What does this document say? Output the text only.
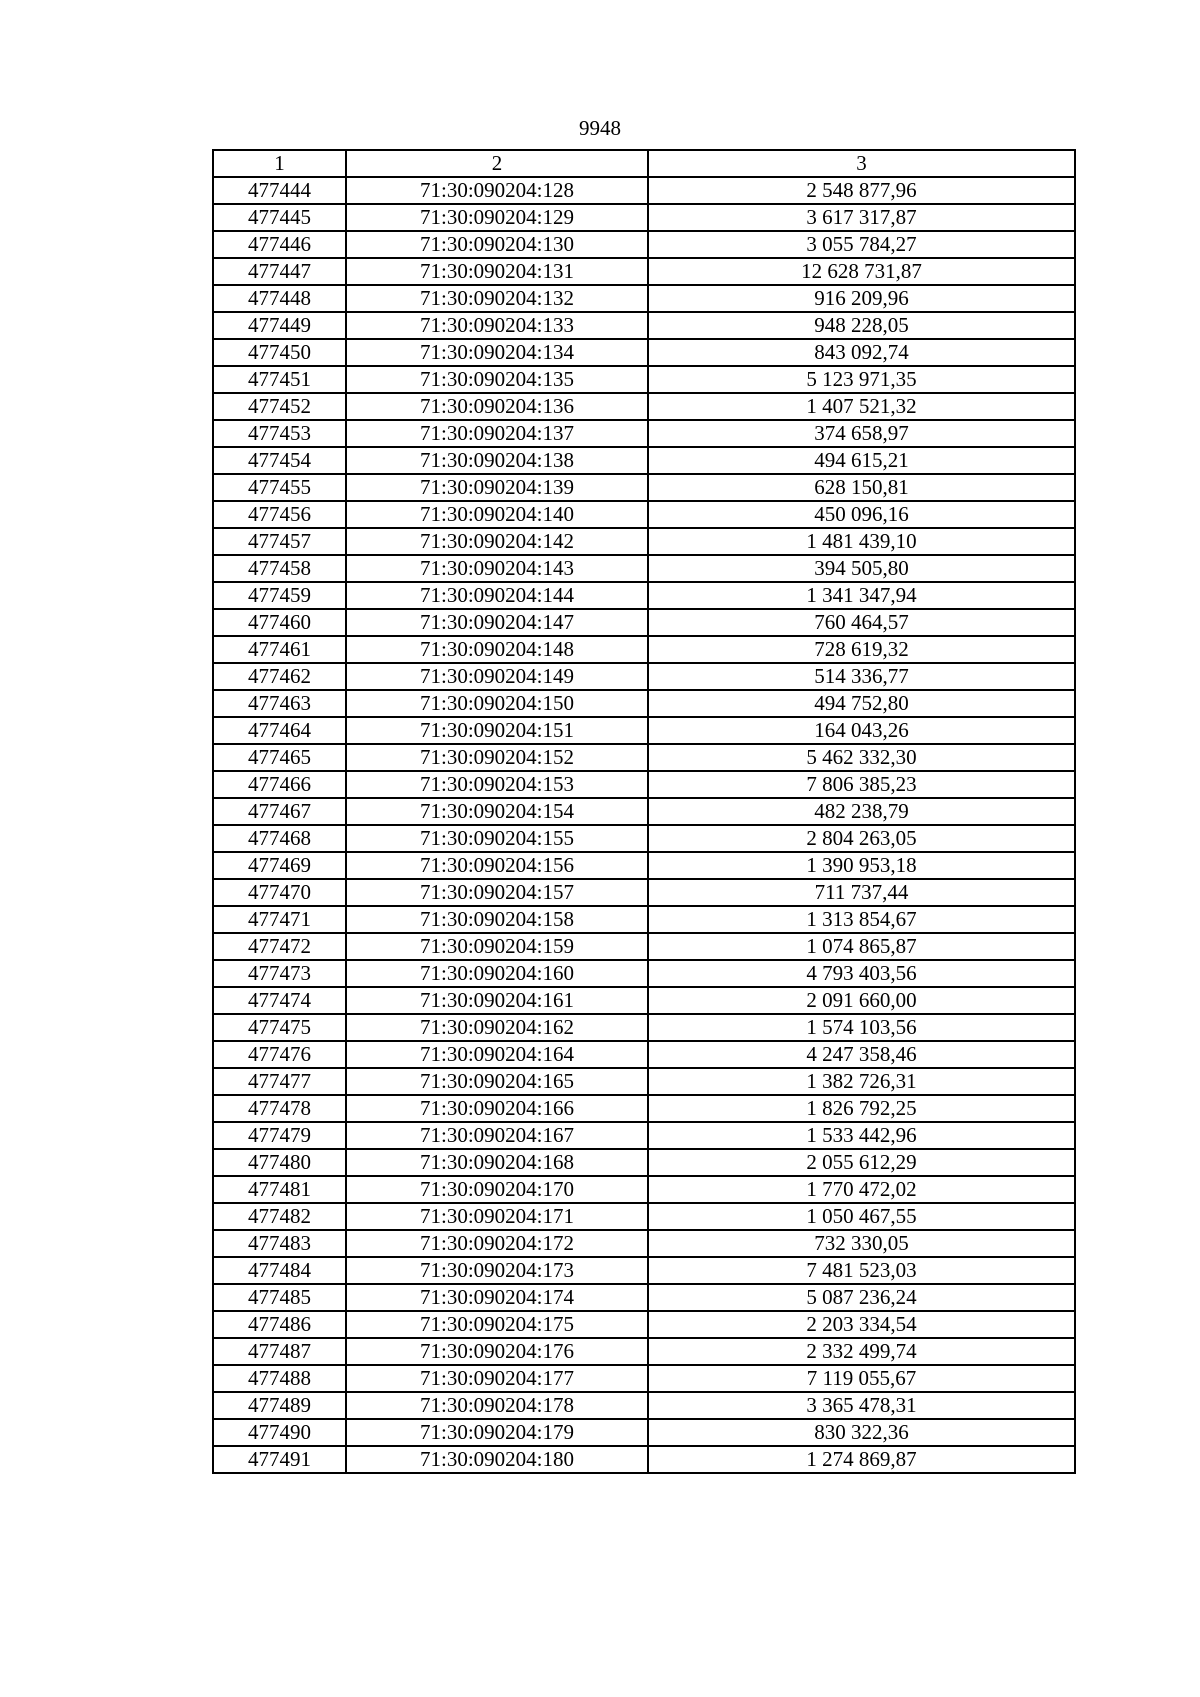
9948
1	2	3
477444	71:30:090204:128	2 548 877,96
477445	71:30:090204:129	3 617 317,87
477446	71:30:090204:130	3 055 784,27
477447	71:30:090204:131	12 628 731,87
477448	71:30:090204:132	916 209,96
477449	71:30:090204:133	948 228,05
477450	71:30:090204:134	843 092,74
477451	71:30:090204:135	5 123 971,35
477452	71:30:090204:136	1 407 521,32
477453	71:30:090204:137	374 658,97
477454	71:30:090204:138	494 615,21
477455	71:30:090204:139	628 150,81
477456	71:30:090204:140	450 096,16
477457	71:30:090204:142	1 481 439,10
477458	71:30:090204:143	394 505,80
477459	71:30:090204:144	1 341 347,94
477460	71:30:090204:147	760 464,57
477461	71:30:090204:148	728 619,32
477462	71:30:090204:149	514 336,77
477463	71:30:090204:150	494 752,80
477464	71:30:090204:151	164 043,26
477465	71:30:090204:152	5 462 332,30
477466	71:30:090204:153	7 806 385,23
477467	71:30:090204:154	482 238,79
477468	71:30:090204:155	2 804 263,05
477469	71:30:090204:156	1 390 953,18
477470	71:30:090204:157	711 737,44
477471	71:30:090204:158	1 313 854,67
477472	71:30:090204:159	1 074 865,87
477473	71:30:090204:160	4 793 403,56
477474	71:30:090204:161	2 091 660,00
477475	71:30:090204:162	1 574 103,56
477476	71:30:090204:164	4 247 358,46
477477	71:30:090204:165	1 382 726,31
477478	71:30:090204:166	1 826 792,25
477479	71:30:090204:167	1 533 442,96
477480	71:30:090204:168	2 055 612,29
477481	71:30:090204:170	1 770 472,02
477482	71:30:090204:171	1 050 467,55
477483	71:30:090204:172	732 330,05
477484	71:30:090204:173	7 481 523,03
477485	71:30:090204:174	5 087 236,24
477486	71:30:090204:175	2 203 334,54
477487	71:30:090204:176	2 332 499,74
477488	71:30:090204:177	7 119 055,67
477489	71:30:090204:178	3 365 478,31
477490	71:30:090204:179	830 322,36
477491	71:30:090204:180	1 274 869,87
